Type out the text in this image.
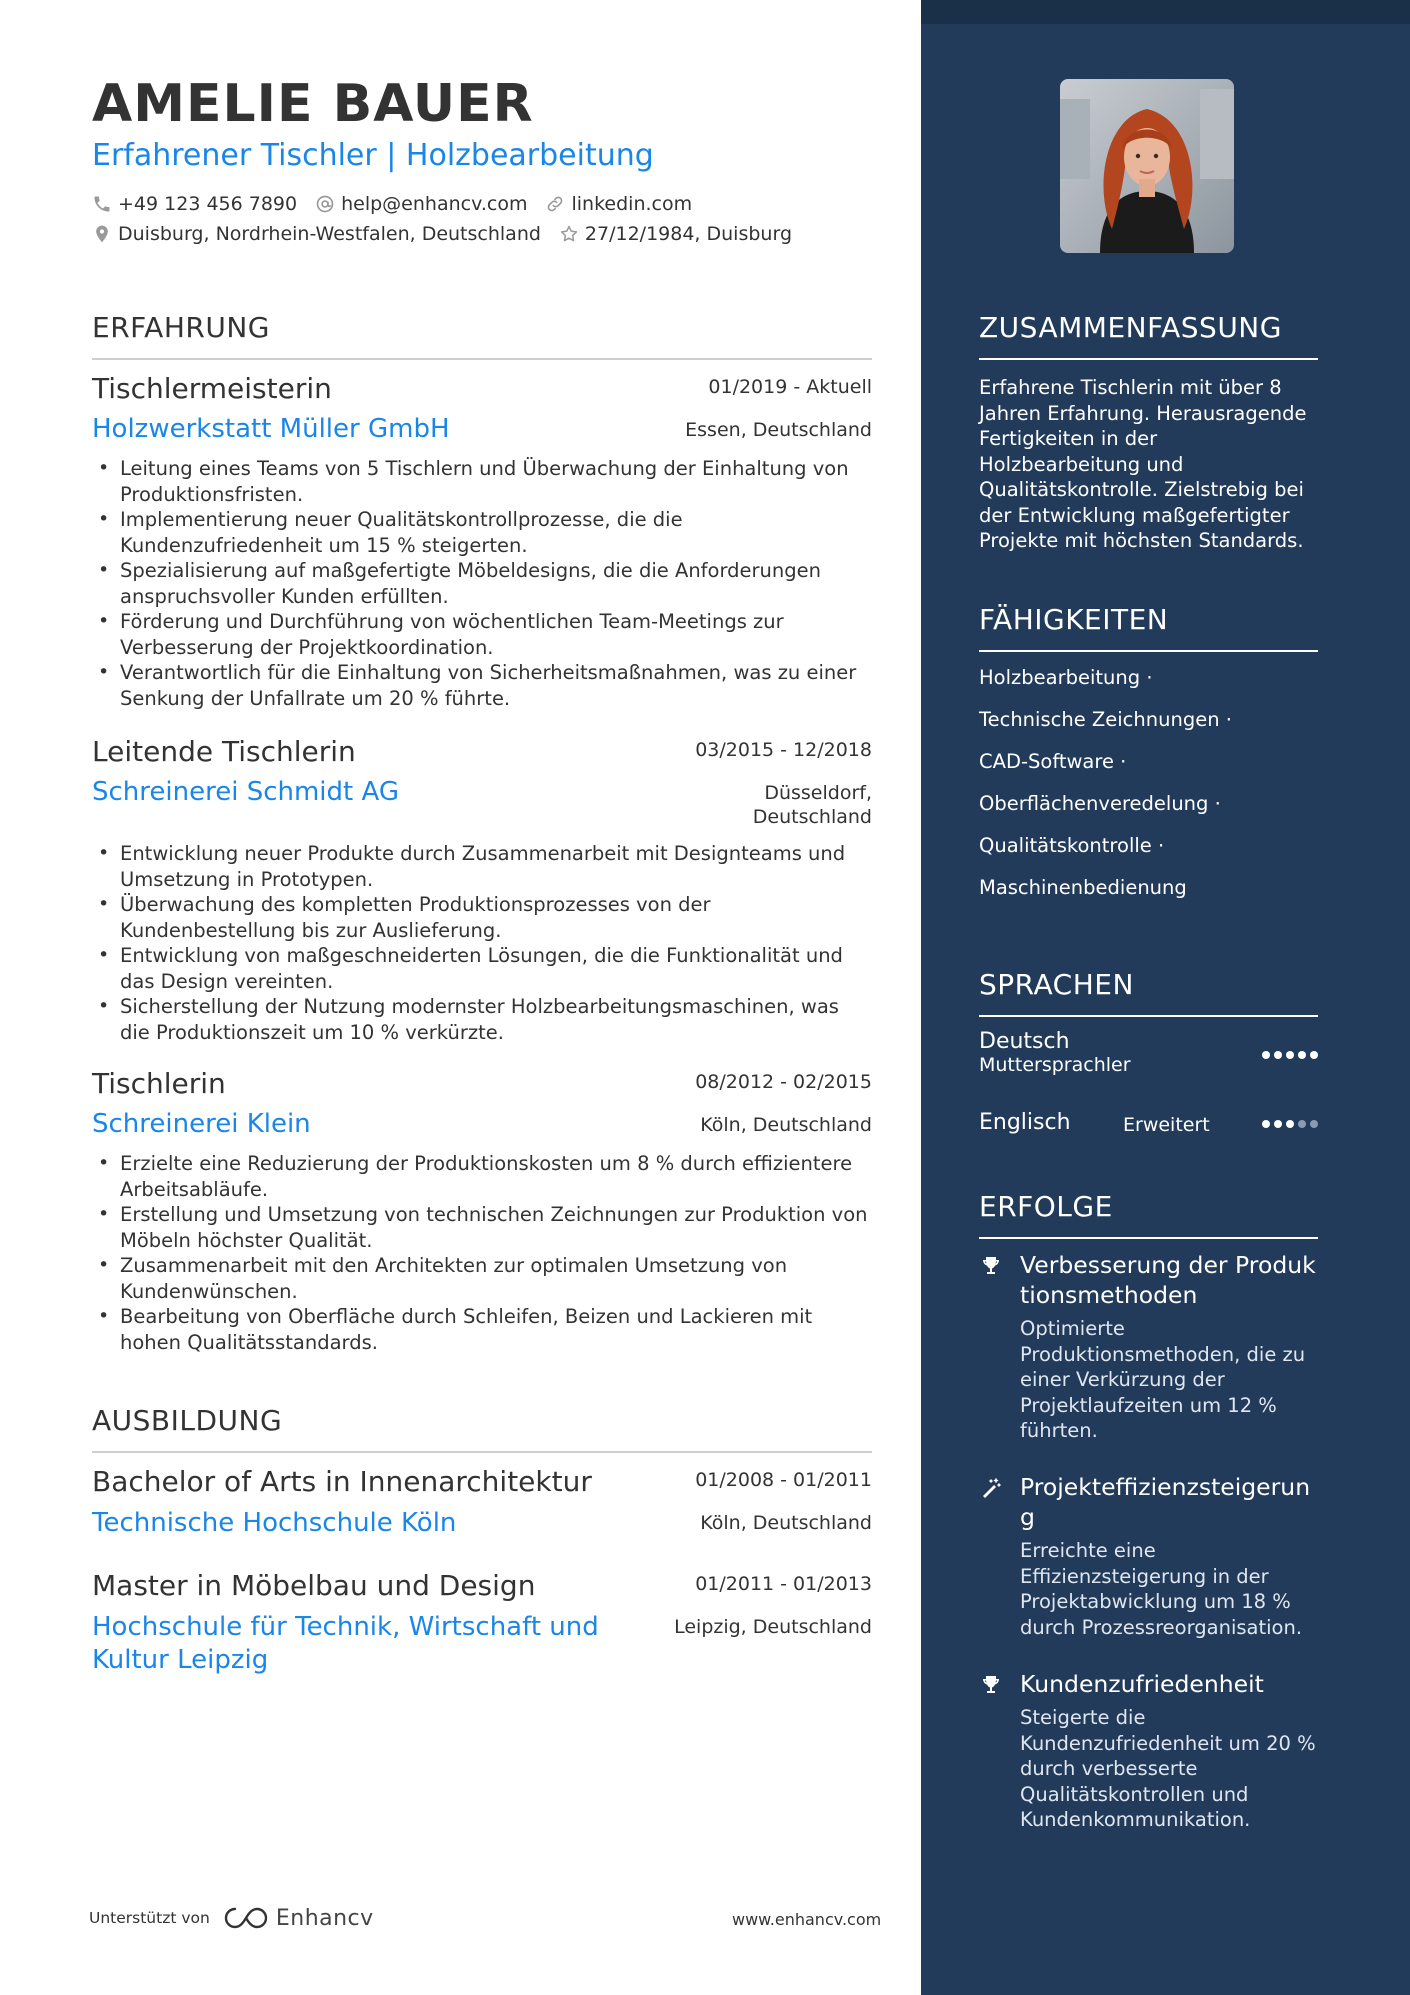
AMELIE BAUER
Erfahrener Tischler | Holzbearbeitung
+49 123 456 7890 help@enhancv.com linkedin.com
Duisburg, Nordrhein-Westfalen, Deutschland 27/12/1984, Duisburg
ERFAHRUNG
Tischlermeisterin	01/2019 - Aktuell
Holzwerkstatt Müller GmbH	Essen, Deutschland
• Leitung eines Teams von 5 Tischlern und Überwachung der Einhaltung von Produktionsfristen.
• Implementierung neuer Qualitätskontrollprozesse, die die Kundenzufriedenheit um 15 % steigerten.
• Spezialisierung auf maßgefertigte Möbeldesigns, die die Anforderungen anspruchsvoller Kunden erfüllten.
• Förderung und Durchführung von wöchentlichen Team-Meetings zur Verbesserung der Projektkoordination.
• Verantwortlich für die Einhaltung von Sicherheitsmaßnahmen, was zu einer Senkung der Unfallrate um 20 % führte.
Leitende Tischlerin	03/2015 - 12/2018
Schreinerei Schmidt AG	Düsseldorf,
Deutschland
• Entwicklung neuer Produkte durch Zusammenarbeit mit Designteams und Umsetzung in Prototypen.
• Überwachung des kompletten Produktionsprozesses von der Kundenbestellung bis zur Auslieferung.
• Entwicklung von maßgeschneiderten Lösungen, die die Funktionalität und das Design vereinten.
• Sicherstellung der Nutzung modernster Holzbearbeitungsmaschinen, was die Produktionszeit um 10 % verkürzte.
Tischlerin	08/2012 - 02/2015
Schreinerei Klein	Köln, Deutschland
• Erzielte eine Reduzierung der Produktionskosten um 8 % durch effizientere Arbeitsabläufe.
• Erstellung und Umsetzung von technischen Zeichnungen zur Produktion von Möbeln höchster Qualität.
• Zusammenarbeit mit den Architekten zur optimalen Umsetzung von Kundenwünschen.
• Bearbeitung von Oberfläche durch Schleifen, Beizen und Lackieren mit hohen Qualitätsstandards.
AUSBILDUNG
Bachelor of Arts in Innenarchitektur	01/2008 - 01/2011
Technische Hochschule Köln	Köln, Deutschland
Master in Möbelbau und Design	01/2011 - 01/2013
Hochschule für Technik, Wirtschaft und
Kultur Leipzig
Leipzig, Deutschland
Unterstützt von	Enhancv	www.enhancv.com
ZUSAMMENFASSUNG
Erfahrene Tischlerin mit über 8 Jahren Erfahrung. Herausragende Fertigkeiten in der Holzbearbeitung und Qualitätskontrolle. Zielstrebig bei der Entwicklung maßgefertigter Projekte mit höchsten Standards.
FÄHIGKEITEN
Holzbearbeitung ·
Technische Zeichnungen ·
CAD-Software ·
Oberflächenveredelung ·
Qualitätskontrolle ·
Maschinenbedienung
SPRACHEN
Deutsch
Muttersprachler
Englisch	Erweitert
ERFOLGE
Verbesserung der Produktionsmethoden
Optimierte Produktionsmethoden, die zu einer Verkürzung der Projektlaufzeiten um 12 % führten.
Projekteffizienzsteigerung
Erreichte eine Effizienzsteigerung in der Projektabwicklung um 18 % durch Prozessreorganisation.
Kundenzufriedenheit
Steigerte die Kundenzufriedenheit um 20 % durch verbesserte Qualitätskontrollen und Kundenkommunikation.
